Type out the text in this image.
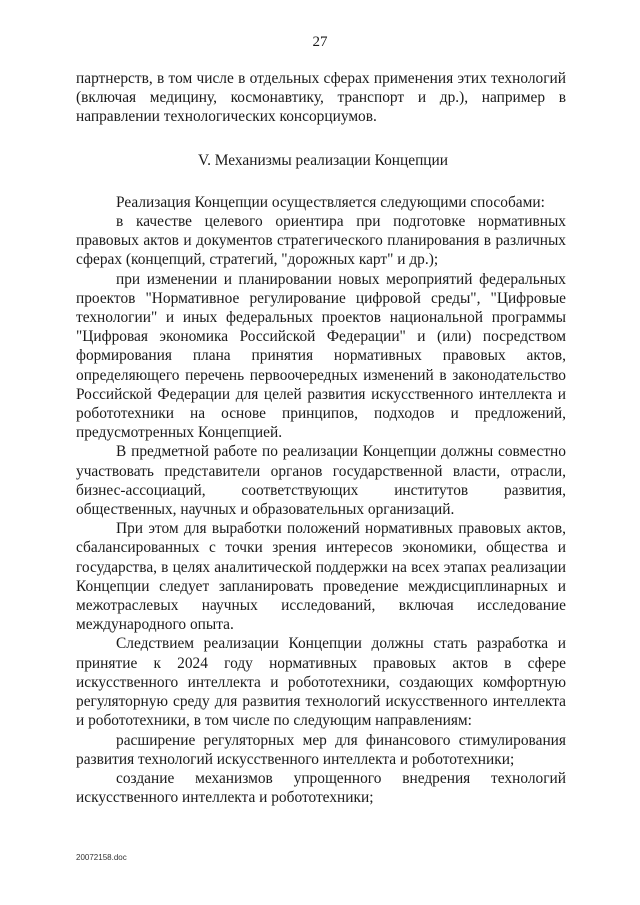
27

партнерств, в том числе в отдельных сферах применения этих технологий (включая медицину, космонавтику, транспорт и др.), например в направлении технологических консорциумов.

V. Механизмы реализации Концепции

Реализация Концепции осуществляется следующими способами:

в качестве целевого ориентира при подготовке нормативных правовых актов и документов стратегического планирования в различных сферах (концепций, стратегий, "дорожных карт" и др.);

при изменении и планировании новых мероприятий федеральных проектов "Нормативное регулирование цифровой среды", "Цифровые технологии" и иных федеральных проектов национальной программы "Цифровая экономика Российской Федерации" и (или) посредством формирования плана принятия нормативных правовых актов, определяющего перечень первоочередных изменений в законодательство Российской Федерации для целей развития искусственного интеллекта и робототехники на основе принципов, подходов и предложений, предусмотренных Концепцией.

В предметной работе по реализации Концепции должны совместно участвовать представители органов государственной власти, отрасли, бизнес-ассоциаций, соответствующих институтов развития, общественных, научных и образовательных организаций.

При этом для выработки положений нормативных правовых актов, сбалансированных с точки зрения интересов экономики, общества и государства, в целях аналитической поддержки на всех этапах реализации Концепции следует запланировать проведение междисциплинарных и межотраслевых научных исследований, включая исследование международного опыта.

Следствием реализации Концепции должны стать разработка и принятие к 2024 году нормативных правовых актов в сфере искусственного интеллекта и робототехники, создающих комфортную регуляторную среду для развития технологий искусственного интеллекта и робототехники, в том числе по следующим направлениям:

расширение регуляторных мер для финансового стимулирования развития технологий искусственного интеллекта и робототехники;

создание механизмов упрощенного внедрения технологий искусственного интеллекта и робототехники;

20072158.doc
